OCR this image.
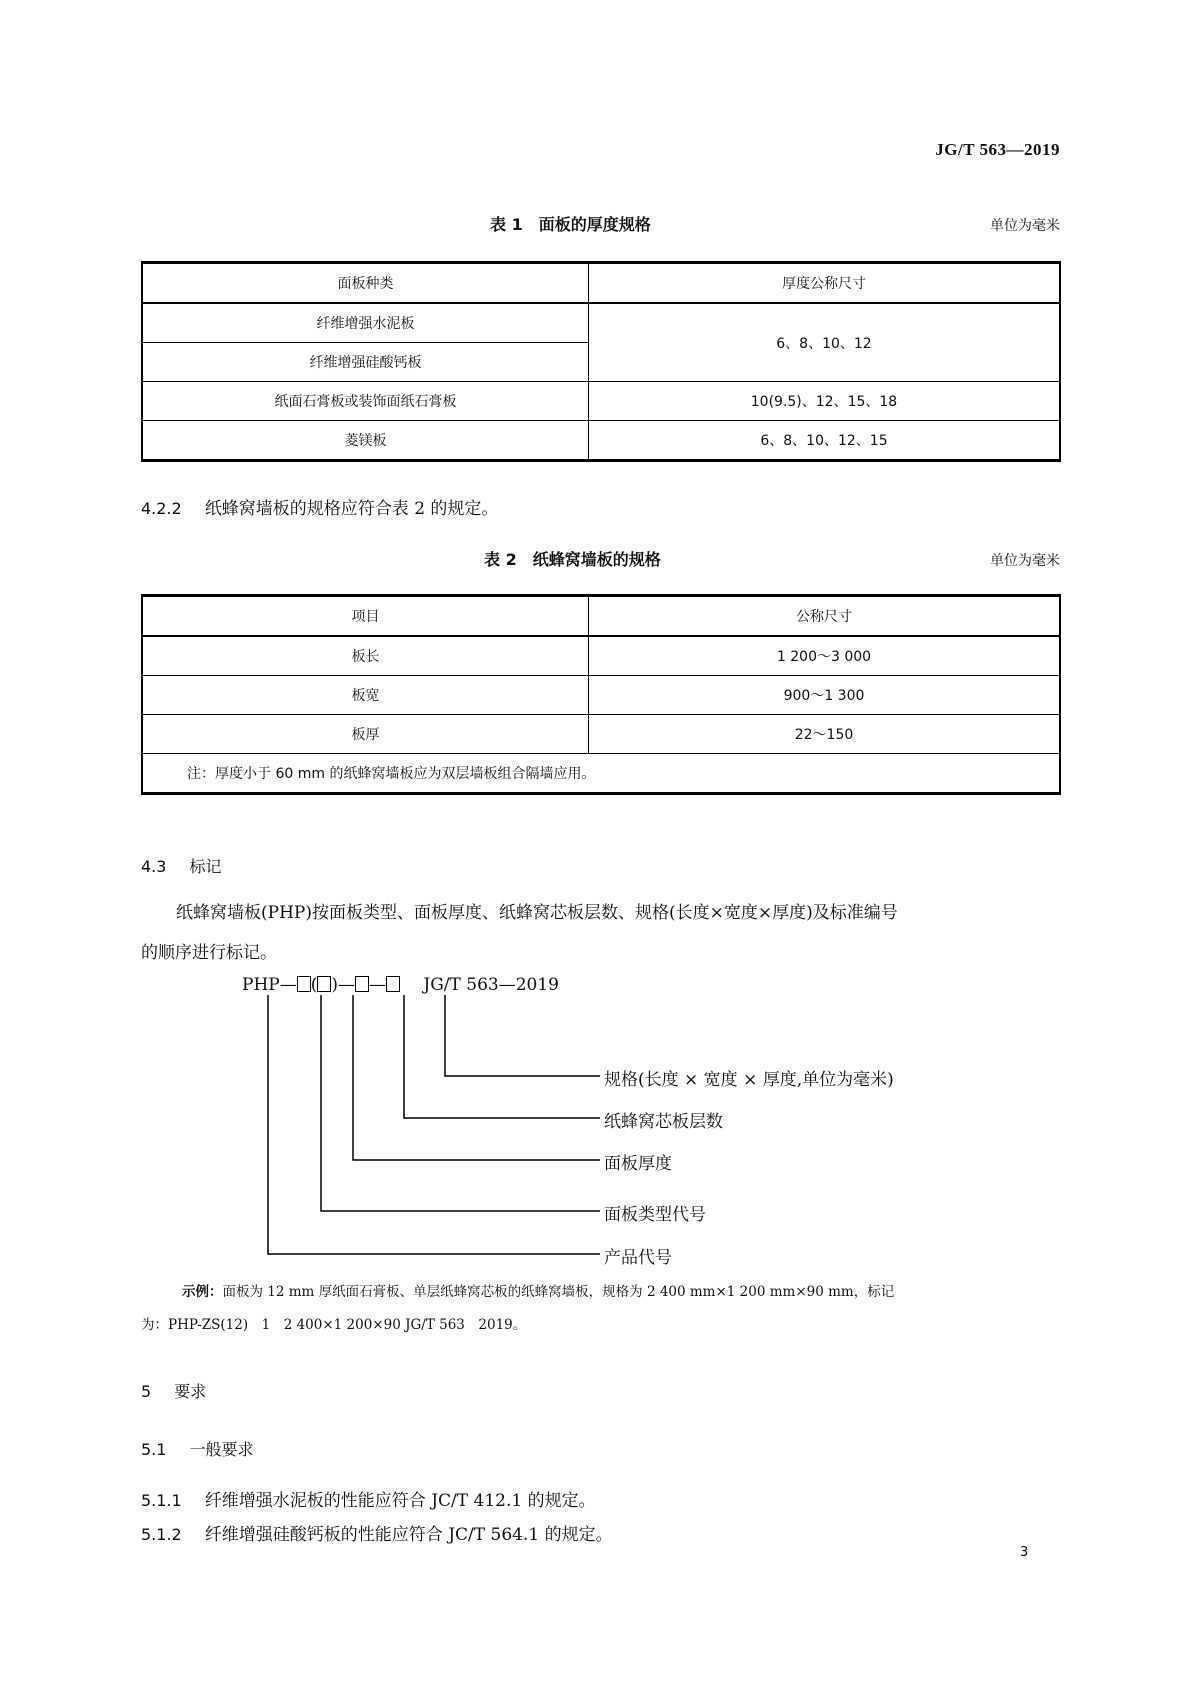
JG/T 563—2019
表 1　面板的厚度规格	单位为毫米
面板种类	厚度公称尺寸
纤维增强水泥板	6、8、10、12
纤维增强硅酸钙板	
纸面石膏板或装饰面纸石膏板	10(9.5)、12、15、18
菱镁板	6、8、10、12、15
4.2.2 纸蜂窝墙板的规格应符合表 2 的规定。
表 2　纸蜂窝墙板的规格	单位为毫米
项目	公称尺寸
板长	1 200～3 000
板宽	900～1 300
板厚	22～150
注：厚度小于 60 mm 的纸蜂窝墙板应为双层墙板组合隔墙应用。	
4.3 标记
纸蜂窝墙板(PHP)按面板类型、面板厚度、纸蜂窝芯板层数、规格(长度×宽度×厚度)及标准编号
的顺序进行标记。
PHP— ( )— — JG/T 563—2019
规格(长度 × 宽度 × 厚度,单位为毫米)
纸蜂窝芯板层数
面板厚度
面板类型代号
产品代号
示例：面板为 12 mm 厚纸面石膏板、单层纸蜂窝芯板的纸蜂窝墙板，规格为 2 400 mm×1 200 mm×90 mm，标记
为：PHP-ZS(12)　1　2 400×1 200×90 JG/T 563　2019。
5 要求
5.1 一般要求
5.1.1 纤维增强水泥板的性能应符合 JC/T 412.1 的规定。
5.1.2 纤维增强硅酸钙板的性能应符合 JC/T 564.1 的规定。
3
